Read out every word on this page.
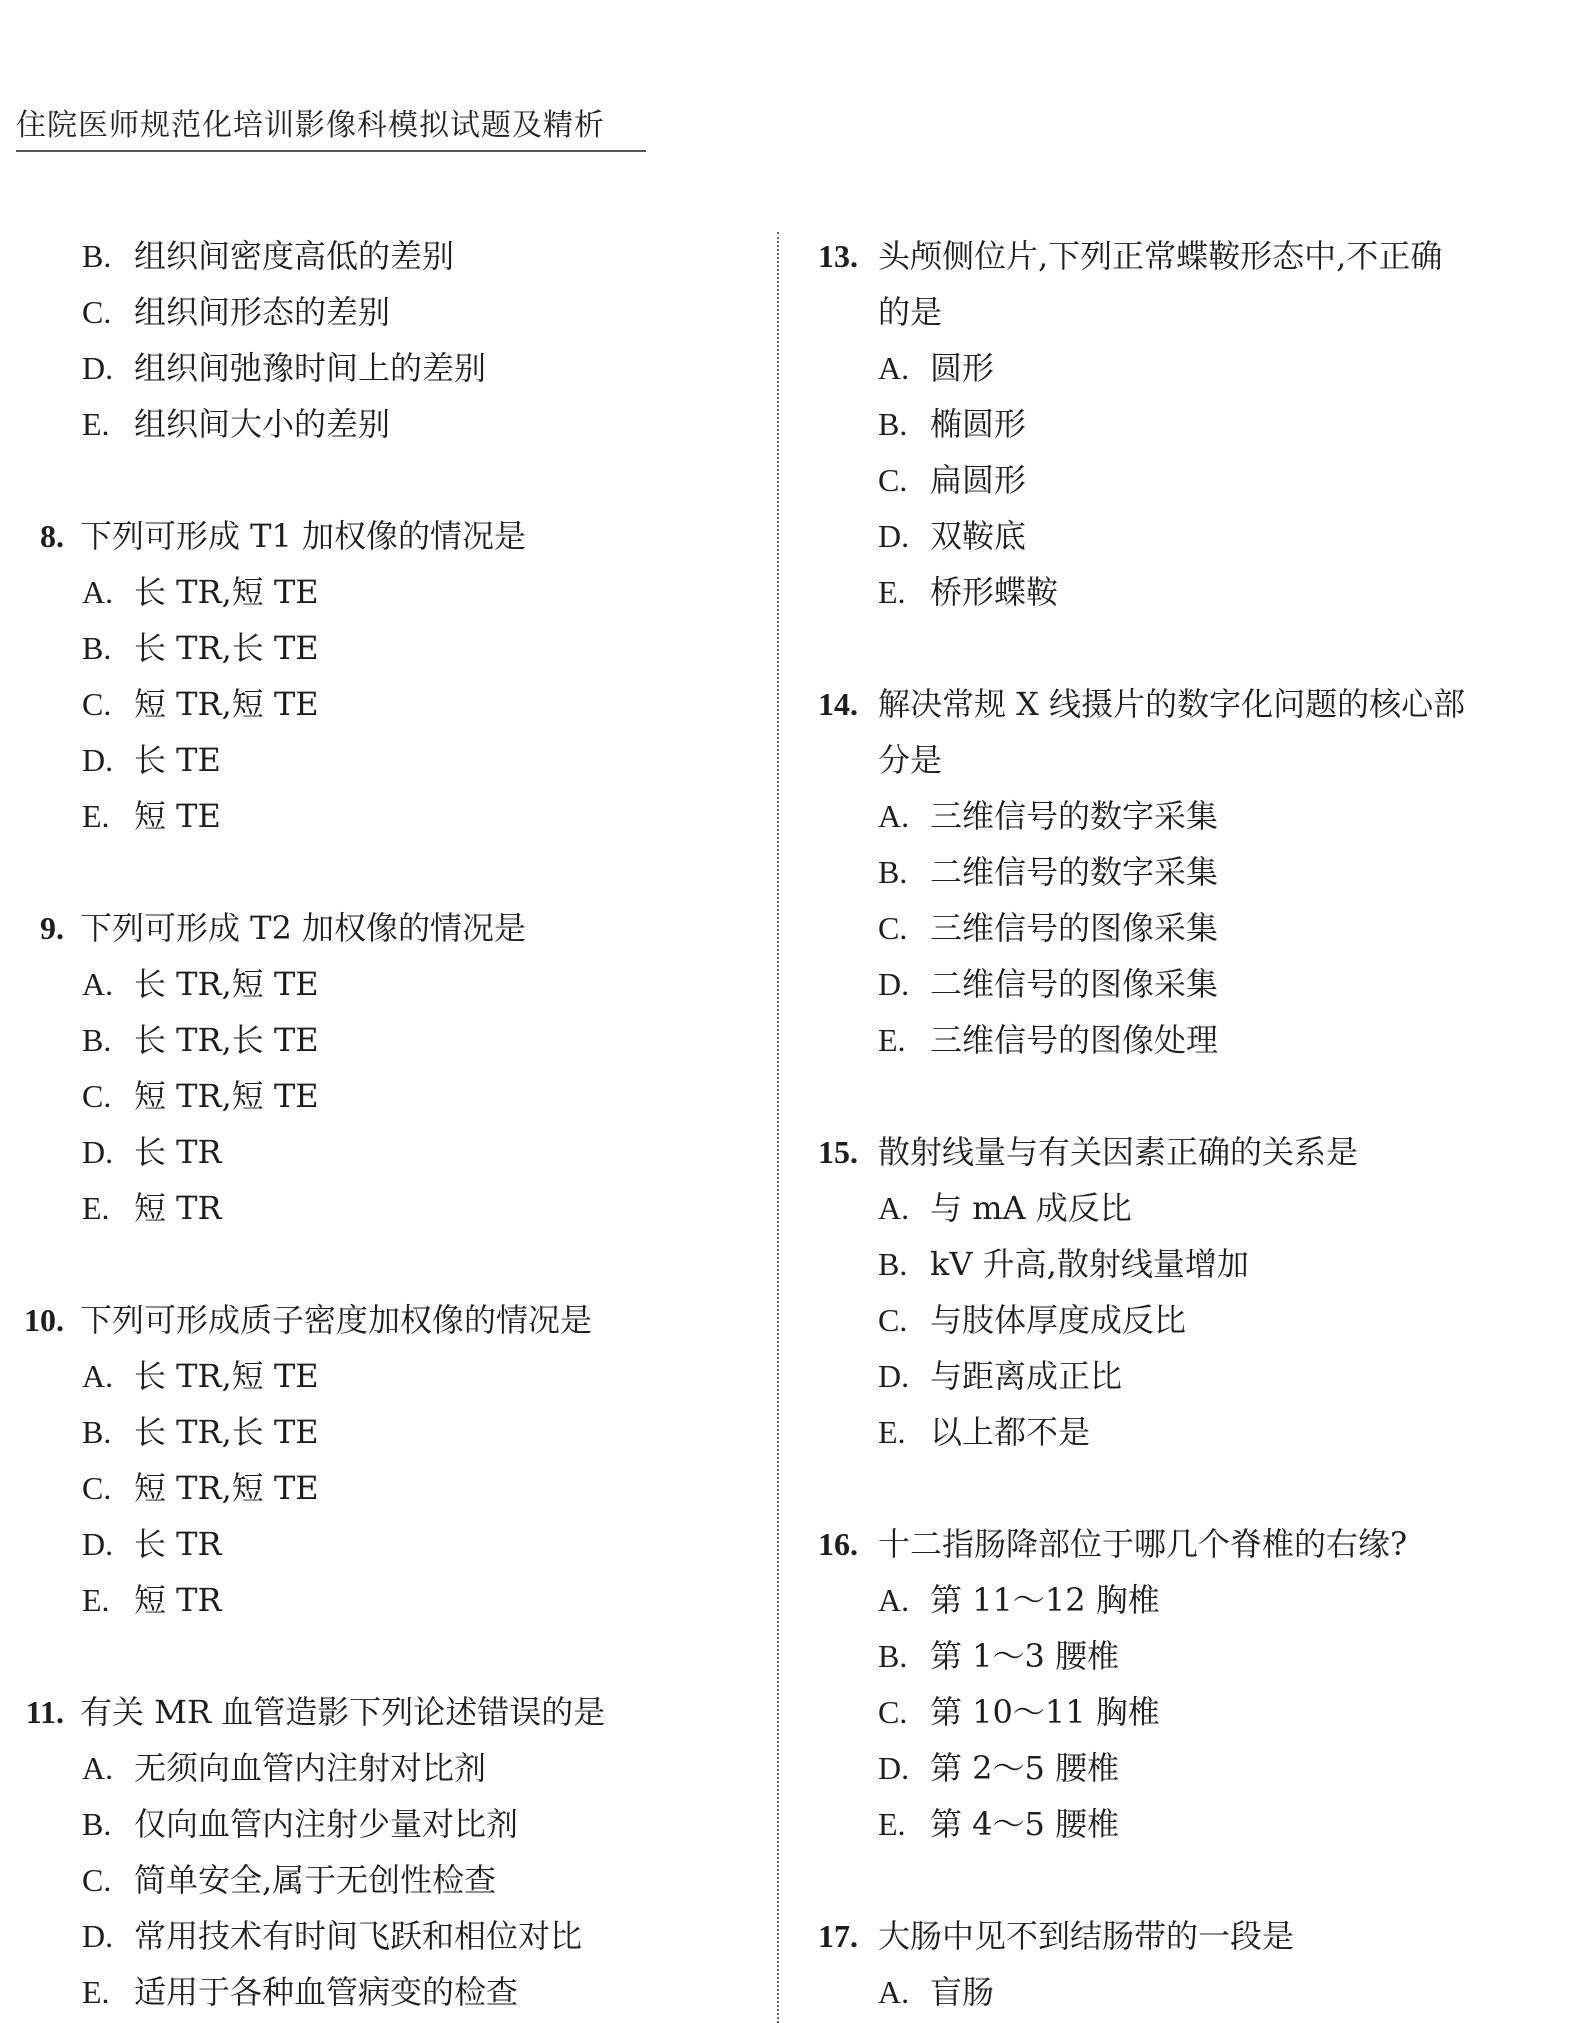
住院医师规范化培训影像科模拟试题及精析
B. 组织间密度高低的差别
C. 组织间形态的差别
D. 组织间弛豫时间上的差别
E. 组织间大小的差别
8. 下列可形成 T1 加权像的情况是
A. 长 TR,短 TE
B. 长 TR,长 TE
C. 短 TR,短 TE
D. 长 TE
E. 短 TE
9. 下列可形成 T2 加权像的情况是
A. 长 TR,短 TE
B. 长 TR,长 TE
C. 短 TR,短 TE
D. 长 TR
E. 短 TR
10. 下列可形成质子密度加权像的情况是
A. 长 TR,短 TE
B. 长 TR,长 TE
C. 短 TR,短 TE
D. 长 TR
E. 短 TR
11. 有关 MR 血管造影下列论述错误的是
A. 无须向血管内注射对比剂
B. 仅向血管内注射少量对比剂
C. 简单安全,属于无创性检查
D. 常用技术有时间飞跃和相位对比
E. 适用于各种血管病变的检查
13. 头颅侧位片,下列正常蝶鞍形态中,不正确
的是
A. 圆形
B. 椭圆形
C. 扁圆形
D. 双鞍底
E. 桥形蝶鞍
14. 解决常规 X 线摄片的数字化问题的核心部
分是
A. 三维信号的数字采集
B. 二维信号的数字采集
C. 三维信号的图像采集
D. 二维信号的图像采集
E. 三维信号的图像处理
15. 散射线量与有关因素正确的关系是
A. 与 mA 成反比
B. kV 升高,散射线量增加
C. 与肢体厚度成反比
D. 与距离成正比
E. 以上都不是
16. 十二指肠降部位于哪几个脊椎的右缘?
A. 第 11～12 胸椎
B. 第 1～3 腰椎
C. 第 10～11 胸椎
D. 第 2～5 腰椎
E. 第 4～5 腰椎
17. 大肠中见不到结肠带的一段是
A. 盲肠
